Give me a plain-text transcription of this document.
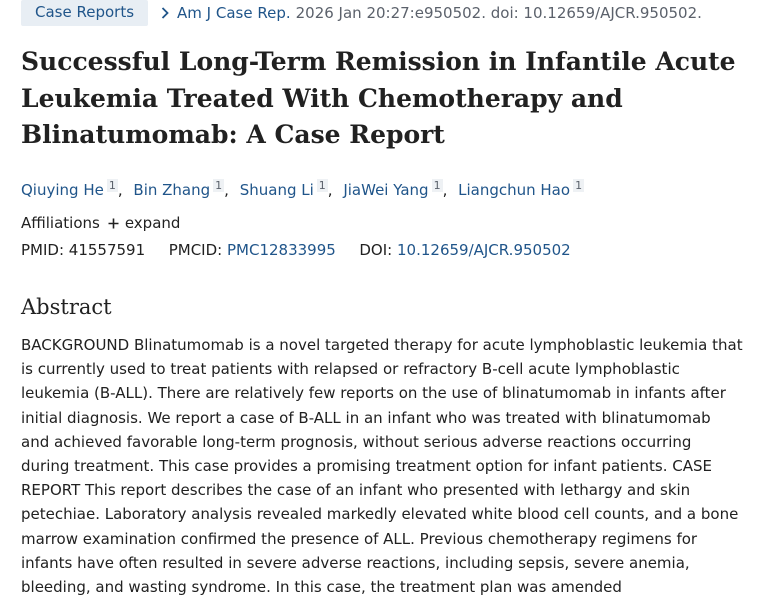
Case Reports	Am J Case Rep. 2026 Jan 20:27:e950502. doi: 10.12659/AJCR.950502.
Successful Long-Term Remission in Infantile Acute Leukemia Treated With Chemotherapy and Blinatumomab: A Case Report
Qiuying He $^1$ , Bin Zhang $^1$ , Shuang Li $^1$ , JiaWei Yang $^1$ , Liangchun Hao $^1$
Affiliations expand
PMID: 41557591 PMCID: PMC12833995 DOI: 10.12659/AJCR.950502
Abstract

BACKGROUND Blinatumomab is a novel targeted therapy for acute lymphoblastic leukemia that is currently used to treat patients with relapsed or refractory B-cell acute lymphoblastic leukemia (B-ALL). There are relatively few reports on the use of blinatumomab in infants after initial diagnosis. We report a case of B-ALL in an infant who was treated with blinatumomab and achieved favorable long-term prognosis, without serious adverse reactions occurring during treatment. This case provides a promising treatment option for infant patients. CASE REPORT This report describes the case of an infant who presented with lethargy and skin petechiae. Laboratory analysis revealed markedly elevated white blood cell counts, and a bone marrow examination confirmed the presence of ALL. Previous chemotherapy regimens for infants have often resulted in severe adverse reactions, including sepsis, severe anemia, bleeding, and wasting syndrome. In this case, the treatment plan was amended
